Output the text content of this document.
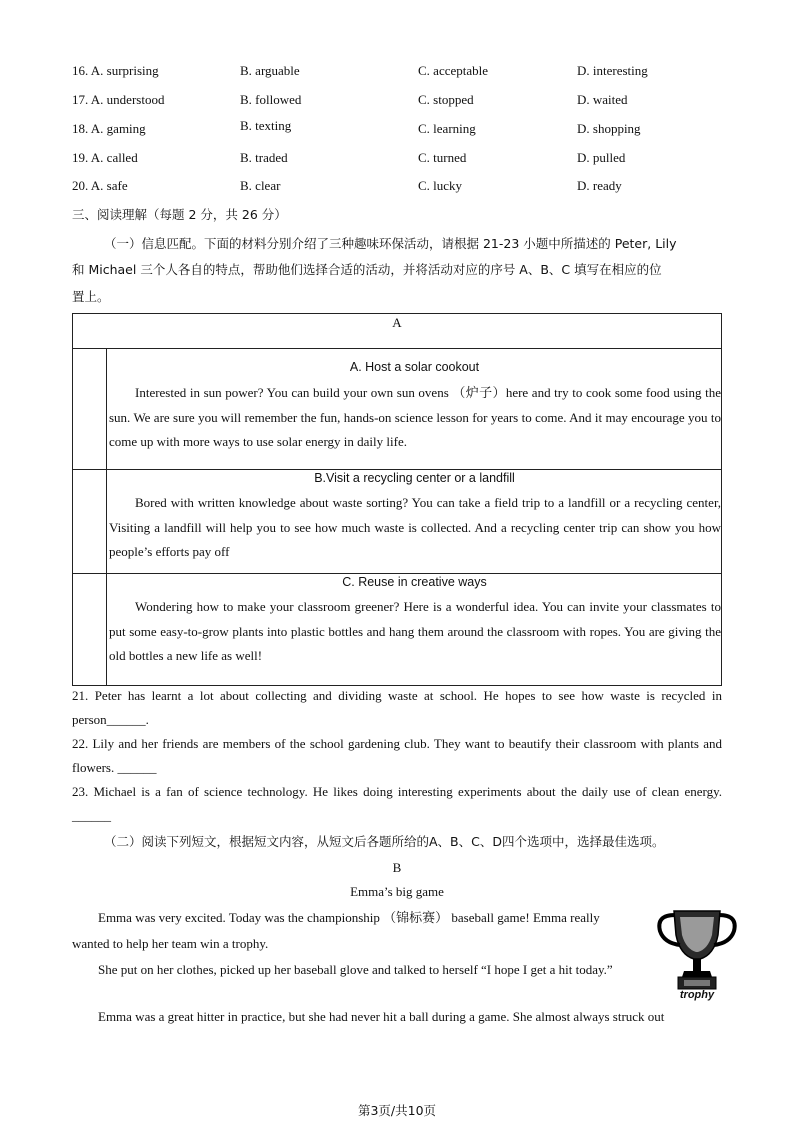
16. A. surprising	B. arguable	C. acceptable	D. interesting
17. A. understood	B. followed	C. stopped	D. waited
18. A. gaming	B. texting	C. learning	D. shopping
19. A. called	B. traded	C. turned	D. pulled
20. A. safe	B. clear	C. lucky	D. ready
三、阅读理解（每题 2 分，共 26 分）
（一）信息匹配。下面的材料分别介绍了三种趣味环保活动，请根据 21-23 小题中所描述的 Peter, Lily
和 Michael 三个人各自的特点，帮助他们选择合适的活动，并将活动对应的序号 A、B、C 填写在相应的位
置上。
A
A. Host a solar cookout
Interested in sun power? You can build your own sun ovens （炉子）here and try to cook some food using the sun. We are sure you will remember the fun, hands-on science lesson for years to come. And it may encourage you to come up with more ways to use solar energy in daily life.
B.Visit a recycling center or a landfill
Bored with written knowledge about waste sorting? You can take a field trip to a landfill or a recycling center, Visiting a landfill will help you to see how much waste is collected. And a recycling center trip can show you how people’s efforts pay off
C. Reuse in creative ways
Wondering how to make your classroom greener? Here is a wonderful idea. You can invite your classmates to put some easy-to-grow plants into plastic bottles and hang them around the classroom with ropes. You are giving the old bottles a new life as well!
21. Peter has learnt a lot about collecting and dividing waste at school. He hopes to see how waste is recycled in person______.
22. Lily and her friends are members of the school gardening club. They want to beautify their classroom with plants and flowers. ______
23. Michael is a fan of science technology. He likes doing interesting experiments about the daily use of clean energy. ______
（二）阅读下列短文，根据短文内容，从短文后各题所给的A、B、C、D四个选项中，选择最佳选项。
B
Emma’s big game
Emma was very excited. Today was the championship （锦标赛） baseball game! Emma really wanted to help her team win a trophy.
She put on her clothes, picked up her baseball glove and talked to herself “I hope I get a hit today.”
Emma was a great hitter in practice, but she had never hit a ball during a game. She almost always struck out
trophy
第3页/共10页
